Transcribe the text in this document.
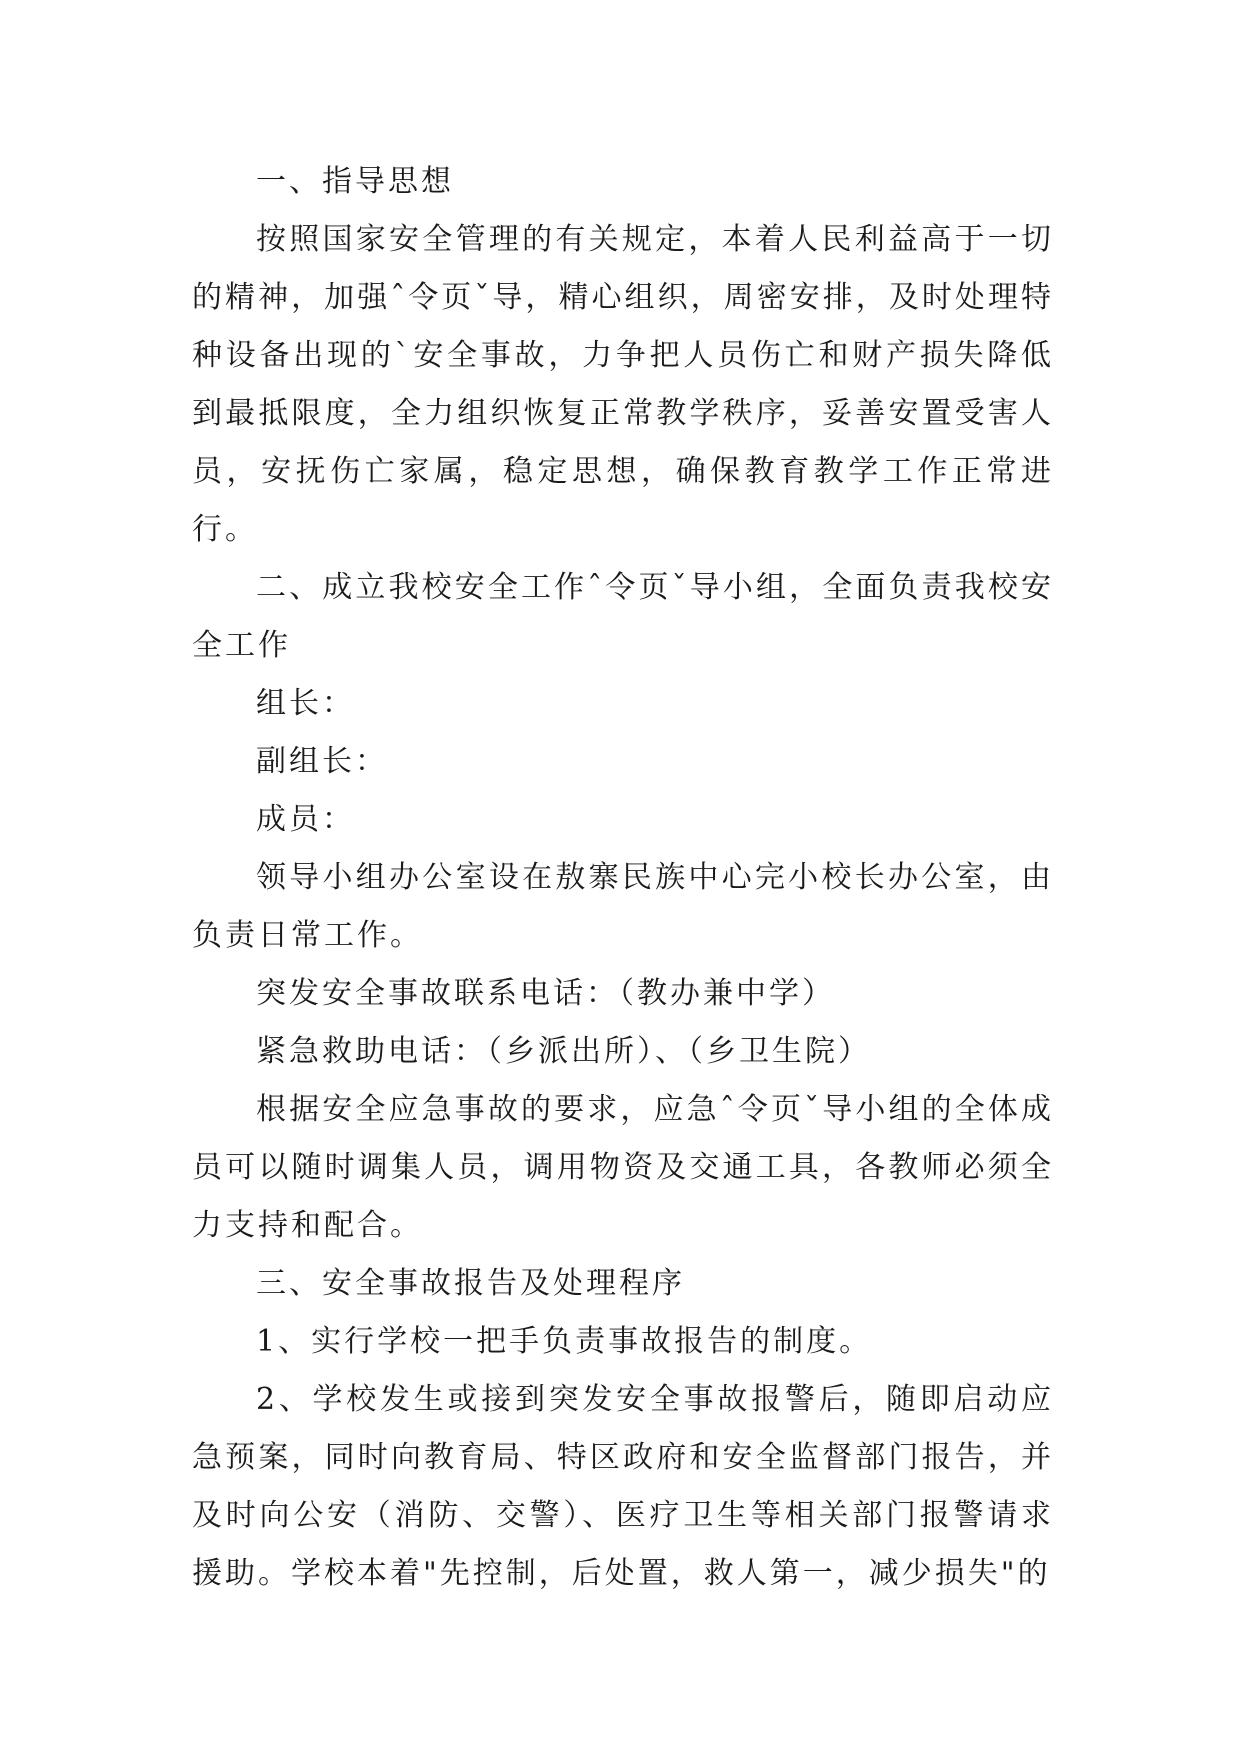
一、指导思想

按照国家安全管理的有关规定，本着人民利益高于一切的精神，加强ˆ令页ˇ导，精心组织，周密安排，及时处理特种设备出现的`安全事故，力争把人员伤亡和财产损失降低到最抵限度，全力组织恢复正常教学秩序，妥善安置受害人员，安抚伤亡家属，稳定思想，确保教育教学工作正常进行。

二、成立我校安全工作ˆ令页ˇ导小组，全面负责我校安全工作

组长：

副组长：

成员：

领导小组办公室设在敖寨民族中心完小校长办公室，由负责日常工作。

突发安全事故联系电话：（教办兼中学）

紧急救助电话：（乡派出所）、（乡卫生院）

根据安全应急事故的要求，应急ˆ令页ˇ导小组的全体成员可以随时调集人员，调用物资及交通工具，各教师必须全力支持和配合。

三、安全事故报告及处理程序

1、实行学校一把手负责事故报告的制度。

2、学校发生或接到突发安全事故报警后，随即启动应急预案，同时向教育局、特区政府和安全监督部门报告，并及时向公安（消防、交警）、医疗卫生等相关部门报警请求援助。学校本着"先控制，后处置，救人第一，减少损失"的
